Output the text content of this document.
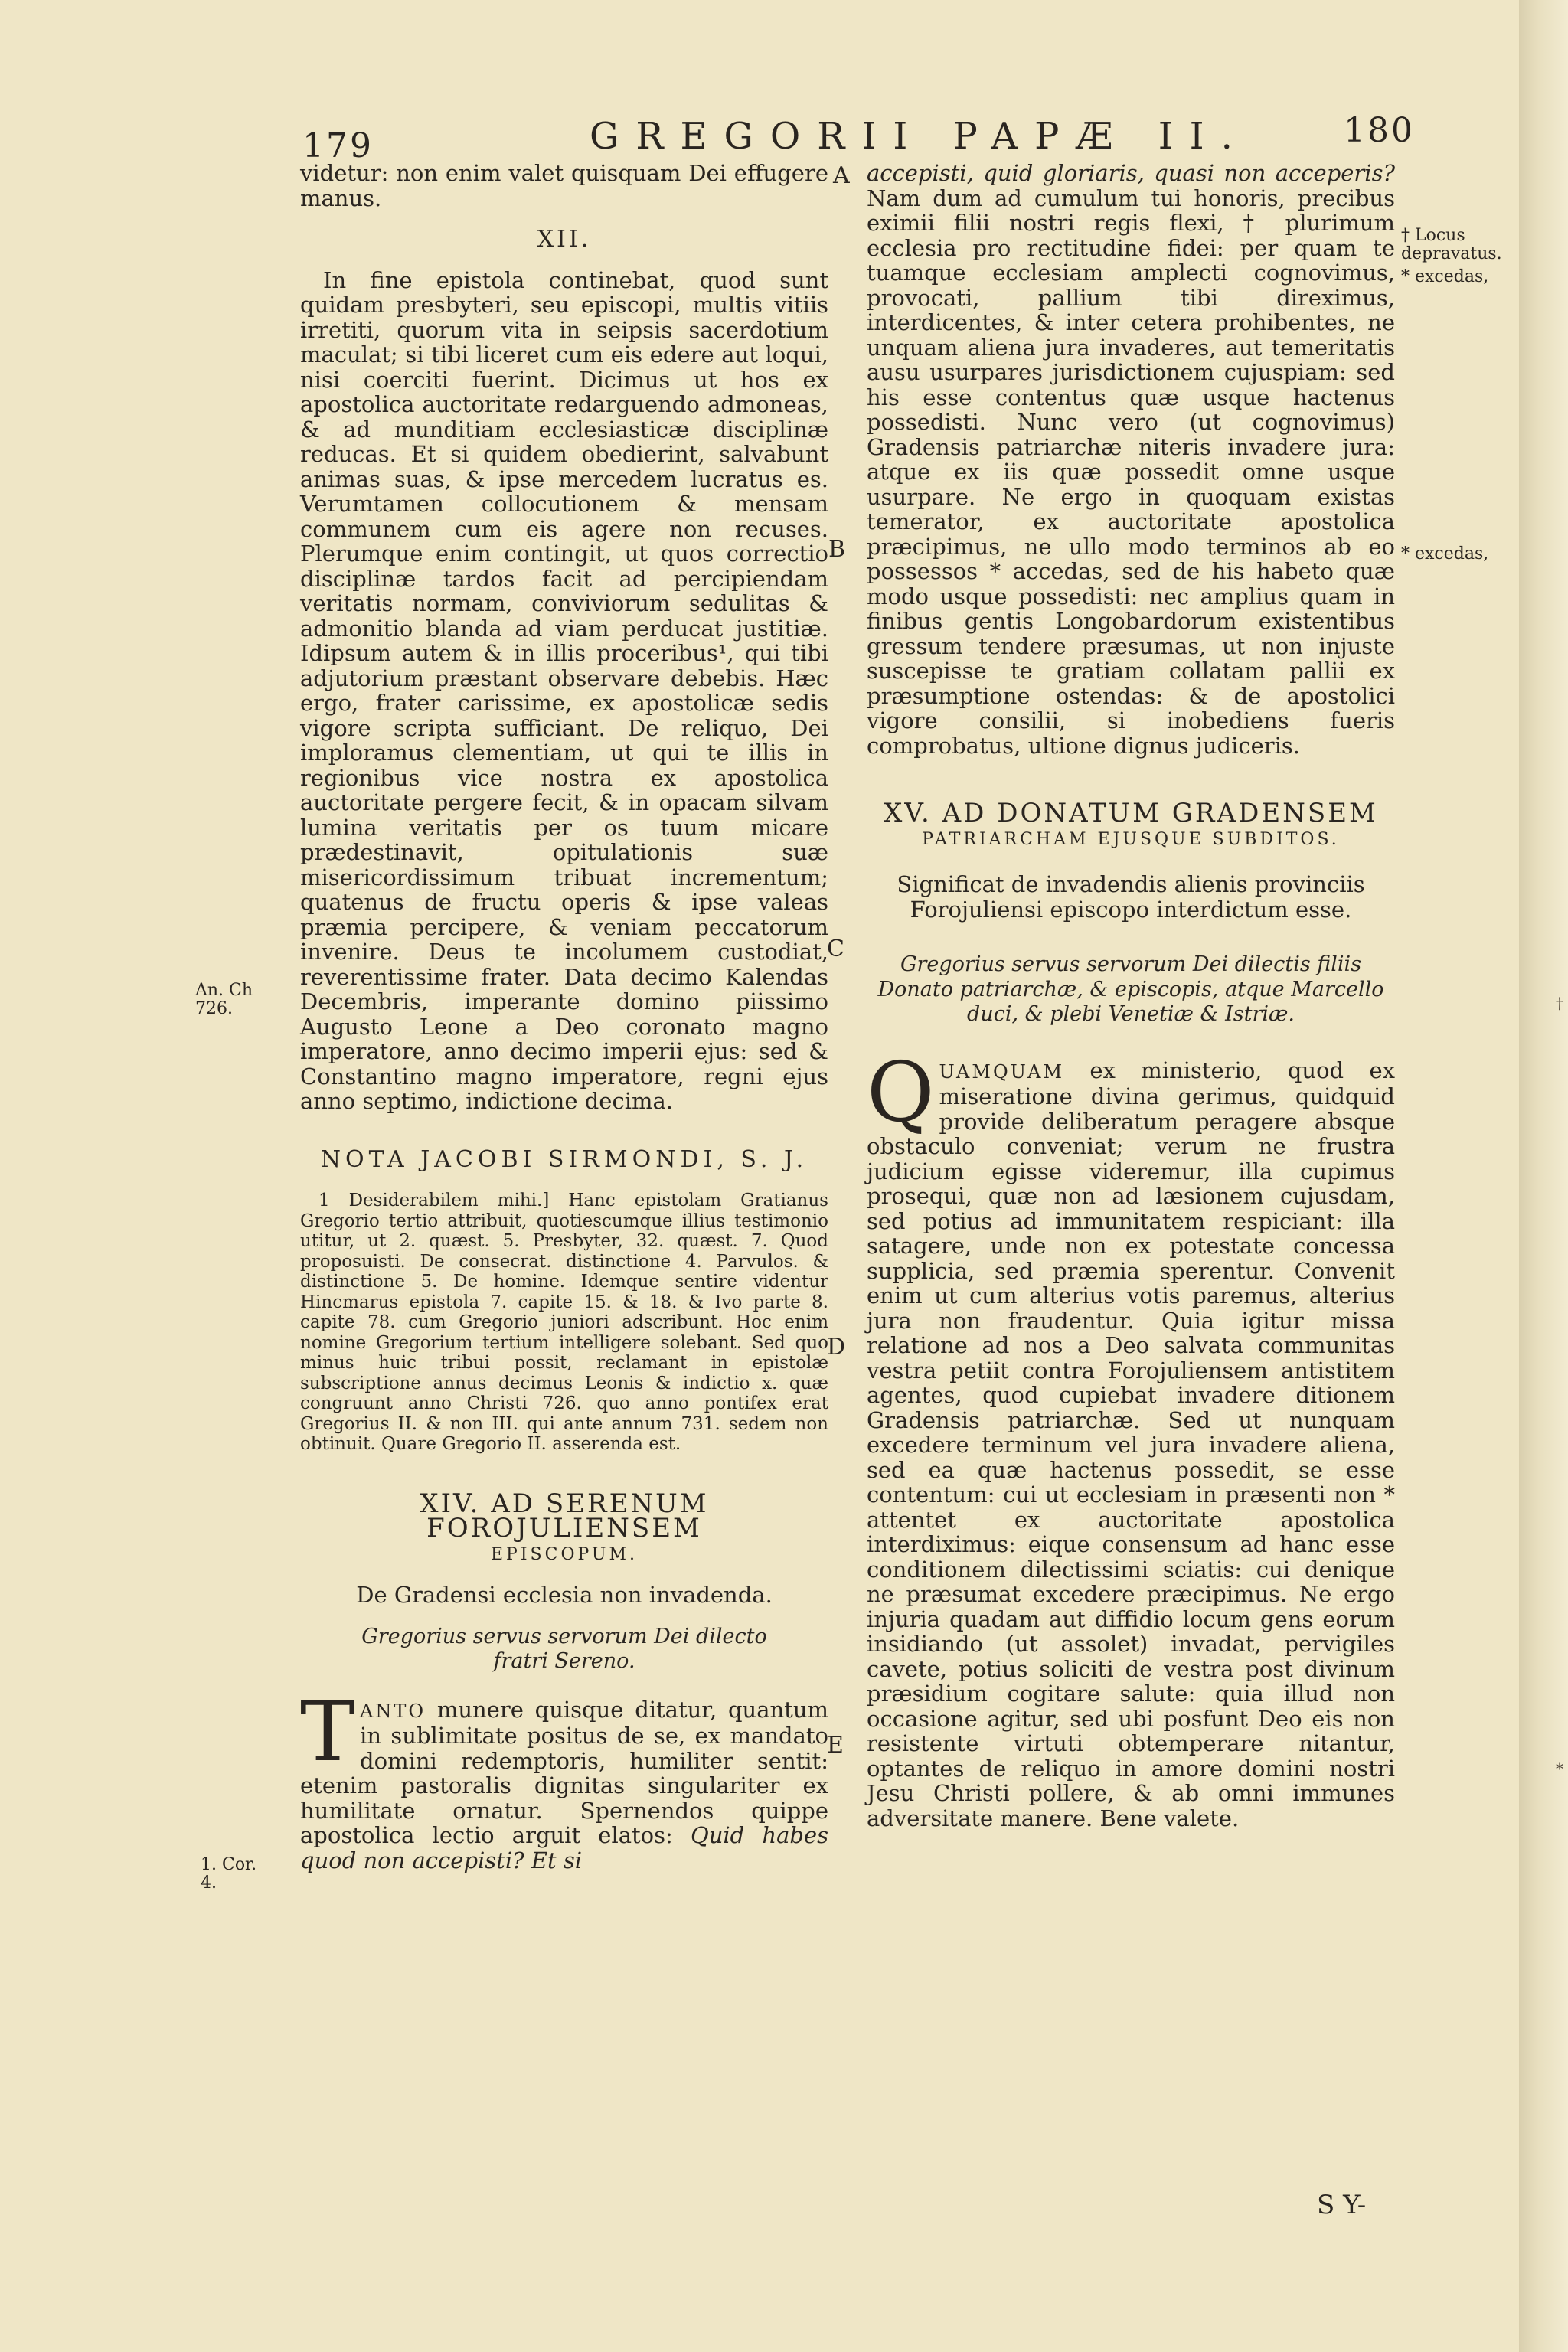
†
*
179	GREGORII PAPÆ II.	180

videtur: non enim valet quisquam Dei effugere manus.

XII.

In fine epistola continebat, quod sunt quidam presbyteri, seu episcopi, multis vitiis irretiti, quorum vita in seipsis sacerdotium maculat; si tibi liceret cum eis edere aut loqui, nisi coerciti fuerint. Dicimus ut hos ex apostolica auctoritate redarguendo admoneas, & ad munditiam ecclesiasticæ disciplinæ reducas. Et si quidem obedierint, salvabunt animas suas, & ipse mercedem lucratus es. Verumtamen collocutionem & mensam communem cum eis agere non recuses. Plerumque enim contingit, ut quos correctio disciplinæ tardos facit ad percipiendam veritatis normam, conviviorum sedulitas & admonitio blanda ad viam perducat justitiæ. Idipsum autem & in illis proceribus¹, qui tibi adjutorium præstant observare debebis. Hæc ergo, frater carissime, ex apostolicæ sedis vigore scripta sufficiant. De reliquo, Dei imploramus clementiam, ut qui te illis in regionibus vice nostra ex apostolica auctoritate pergere fecit, & in opacam silvam lumina veritatis per os tuum micare prædestinavit, opitulationis suæ misericordissimum tribuat incrementum; quatenus de fructu operis & ipse valeas præmia percipere, & veniam peccatorum invenire. Deus te incolumem custodiat, reverentissime frater. Data decimo Kalendas Decembris, imperante domino piissimo Augusto Leone a Deo coronato magno imperatore, anno decimo imperii ejus: sed & Constantino magno imperatore, regni ejus anno septimo, indictione decima.

NOTA JACOBI SIRMONDI, S. J.

1 Desiderabilem mihi.] Hanc epistolam Gratianus Gregorio tertio attribuit, quotiescumque illius testimonio utitur, ut 2. quæst. 5. Presbyter, 32. quæst. 7. Quod proposuisti. De consecrat. distinctione 4. Parvulos. & distinctione 5. De homine. Idemque sentire videntur Hincmarus epistola 7. capite 15. & 18. & Ivo parte 8. capite 78. cum Gregorio juniori adscribunt. Hoc enim nomine Gregorium tertium intelligere solebant. Sed quo minus huic tribui possit, reclamant in epistolæ subscriptione annus decimus Leonis & indictio x. quæ congruunt anno Christi 726. quo anno pontifex erat Gregorius II. & non III. qui ante annum 731. sedem non obtinuit. Quare Gregorio II. asserenda est.

XIV. AD SERENUM FOROJULIENSEM
EPISCOPUM.
De Gradensi ecclesia non invadenda.
Gregorius servus servorum Dei dilecto fratri Sereno.

TANTO munere quisque ditatur, quantum in sublimitate positus de se, ex mandato domini redemptoris, humiliter sentit: etenim pastoralis dignitas singulariter ex humilitate ornatur. Spernendos quippe apostolica lectio arguit elatos: Quid habes quod non accepisti? Et si

accepisti, quid gloriaris, quasi non acceperis? Nam dum ad cumulum tui honoris, precibus eximii filii nostri regis flexi, † plurimum ecclesia pro rectitudine fidei: per quam te tuamque ecclesiam amplecti cognovimus, provocati, pallium tibi direximus, interdicentes, & inter cetera prohibentes, ne unquam aliena jura invaderes, aut temeritatis ausu usurpares jurisdictionem cujuspiam: sed his esse contentus quæ usque hactenus possedisti. Nunc vero (ut cognovimus) Gradensis patriarchæ niteris invadere jura: atque ex iis quæ possedit omne usque usurpare. Ne ergo in quoquam existas temerator, ex auctoritate apostolica præcipimus, ne ullo modo terminos ab eo possessos * accedas, sed de his habeto quæ modo usque possedisti: nec amplius quam in finibus gentis Longobardorum existentibus gressum tendere præsumas, ut non injuste suscepisse te gratiam collatam pallii ex præsumptione ostendas: & de apostolici vigore consilii, si inobediens fueris comprobatus, ultione dignus judiceris.

XV. AD DONATUM GRADENSEM
PATRIARCHAM EJUSQUE SUBDITOS.
Significat de invadendis alienis provinciis Forojuliensi episcopo interdictum esse.
Gregorius servus servorum Dei dilectis filiis Donato patriarchæ, & episcopis, atque Marcello duci, & plebi Venetiæ & Istriæ.

QUAMQUAM ex ministerio, quod ex miseratione divina gerimus, quidquid provide deliberatum peragere absque obstaculo conveniat; verum ne frustra judicium egisse videremur, illa cupimus prosequi, quæ non ad læsionem cujusdam, sed potius ad immunitatem respiciant: illa satagere, unde non ex potestate concessa supplicia, sed præmia sperentur. Convenit enim ut cum alterius votis paremus, alterius jura non fraudentur. Quia igitur missa relatione ad nos a Deo salvata communitas vestra petiit contra Forojuliensem antistitem agentes, quod cupiebat invadere ditionem Gradensis patriarchæ. Sed ut nunquam excedere terminum vel jura invadere aliena, sed ea quæ hactenus possedit, se esse contentum: cui ut ecclesiam in præsenti non * attentet ex auctoritate apostolica interdiximus: eique consensum ad hanc esse conditionem dilectissimi sciatis: cui denique ne præsumat excedere præcipimus. Ne ergo injuria quadam aut diffidio locum gens eorum insidiando (ut assolet) invadat, pervigiles cavete, potius soliciti de vestra post divinum præsidium cogitare salute: quia illud non occasione agitur, sed ubi posfunt Deo eis non resistente virtuti obtemperare nitantur, optantes de reliquo in amore domini nostri Jesu Christi pollere, & ab omni immunes adversitate manere. Bene valete.

A
B
C
D
E
An. Ch 726.
1. Cor. 4.
† Locus depravatus.
* excedas,
* excedas,
S Y-
